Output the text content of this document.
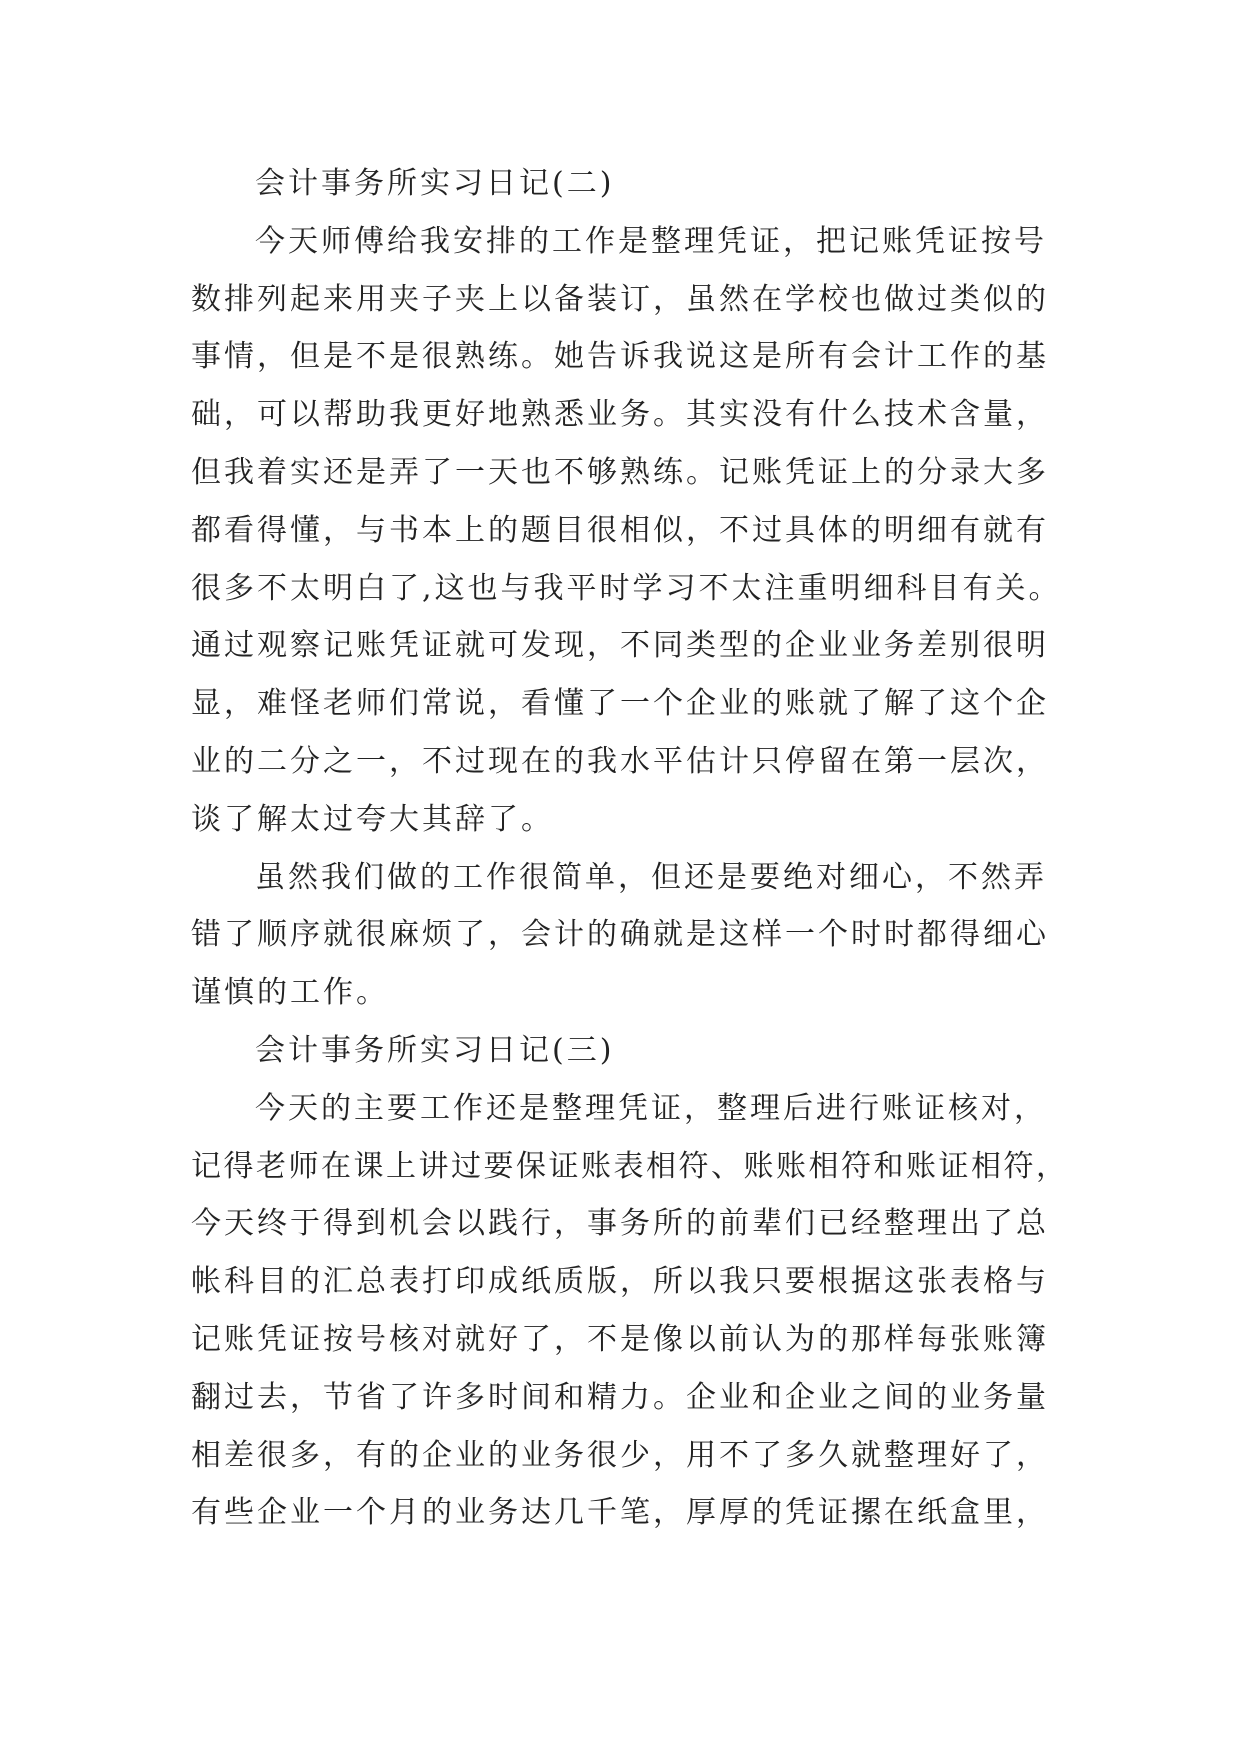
会计事务所实习日记(二)
今天师傅给我安排的工作是整理凭证，把记账凭证按号
数排列起来用夹子夹上以备装订，虽然在学校也做过类似的
事情，但是不是很熟练。她告诉我说这是所有会计工作的基
础，可以帮助我更好地熟悉业务。其实没有什么技术含量，
但我着实还是弄了一天也不够熟练。记账凭证上的分录大多
都看得懂，与书本上的题目很相似，不过具体的明细有就有
很多不太明白了,这也与我平时学习不太注重明细科目有关。
通过观察记账凭证就可发现，不同类型的企业业务差别很明
显，难怪老师们常说，看懂了一个企业的账就了解了这个企
业的二分之一，不过现在的我水平估计只停留在第一层次，
谈了解太过夸大其辞了。
虽然我们做的工作很简单，但还是要绝对细心，不然弄
错了顺序就很麻烦了，会计的确就是这样一个时时都得细心
谨慎的工作。
会计事务所实习日记(三)
今天的主要工作还是整理凭证，整理后进行账证核对，
记得老师在课上讲过要保证账表相符、账账相符和账证相符，
今天终于得到机会以践行，事务所的前辈们已经整理出了总
帐科目的汇总表打印成纸质版，所以我只要根据这张表格与
记账凭证按号核对就好了，不是像以前认为的那样每张账簿
翻过去，节省了许多时间和精力。企业和企业之间的业务量
相差很多，有的企业的业务很少，用不了多久就整理好了，
有些企业一个月的业务达几千笔，厚厚的凭证摞在纸盒里，
